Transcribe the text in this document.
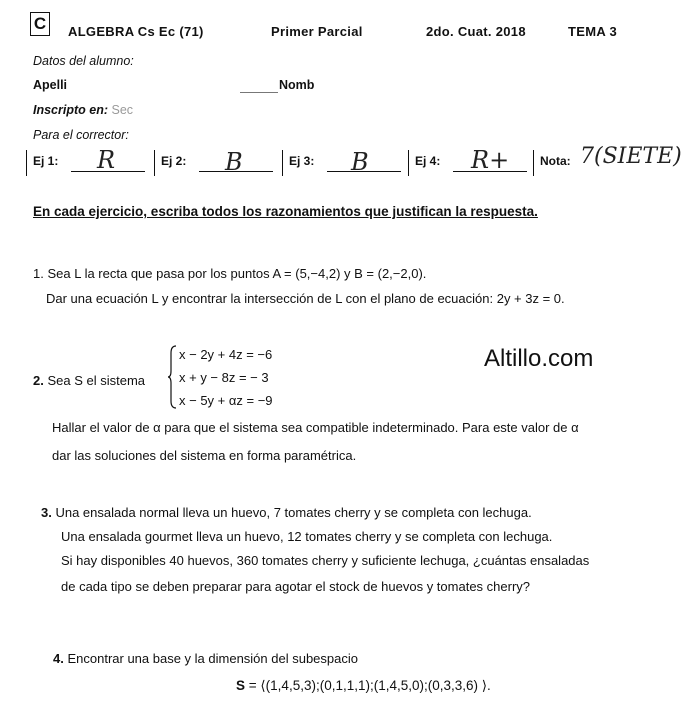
C ALGEBRA Cs Ec (71)	Primer Parcial	2do. Cuat. 2018	TEMA 3
Datos del alumno:
Apelli	Nomb
Inscripto en: Sec
Para el corrector:
Ej 1: R	Ej 2: B	Ej 3: B	Ej 4: R+	Nota: 7(SIETE)
En cada ejercicio, escriba todos los razonamientos que justifican la respuesta.
1. Sea L la recta que pasa por los puntos A = (5,−4,2) y B = (2,−2,0).
Dar una ecuación L y encontrar la intersección de L con el plano de ecuación: 2y + 3z = 0.
2. Sea S el sistema
x − 2y + 4z = −6
x + y − 8z = − 3
x − 5y + αz = −9
Altillo.com
Hallar el valor de α para que el sistema sea compatible indeterminado. Para este valor de α
dar las soluciones del sistema en forma paramétrica.
3. Una ensalada normal lleva un huevo, 7 tomates cherry y se completa con lechuga.
Una ensalada gourmet lleva un huevo, 12 tomates cherry y se completa con lechuga.
Si hay disponibles 40 huevos, 360 tomates cherry y suficiente lechuga, ¿cuántas ensaladas
de cada tipo se deben preparar para agotar el stock de huevos y tomates cherry?
4. Encontrar una base y la dimensión del subespacio
S = ⟨(1,4,5,3);(0,1,1,1);(1,4,5,0);(0,3,3,6) ⟩.
